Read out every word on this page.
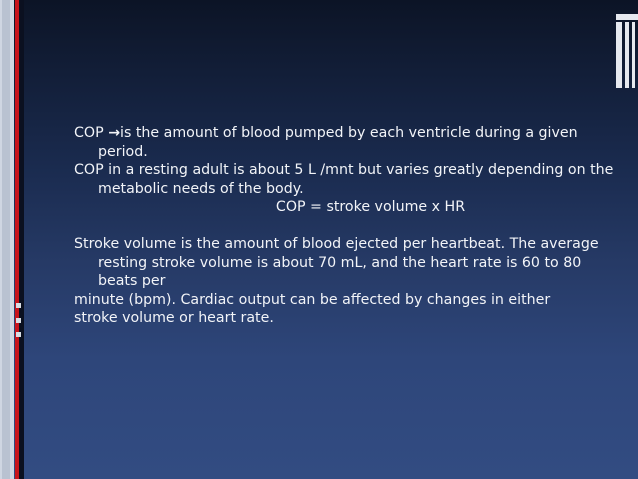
COP →is the amount of blood pumped by each ventricle during a given period.

COP in a resting adult is about 5 L /mnt but varies greatly depending on the metabolic needs of the body.

COP = stroke volume x HR

Stroke volume is the amount of blood ejected per heartbeat. The average resting stroke volume is about 70 mL, and the heart rate is 60 to 80 beats per

minute (bpm). Cardiac output can be affected by changes in either

stroke volume or heart rate.
